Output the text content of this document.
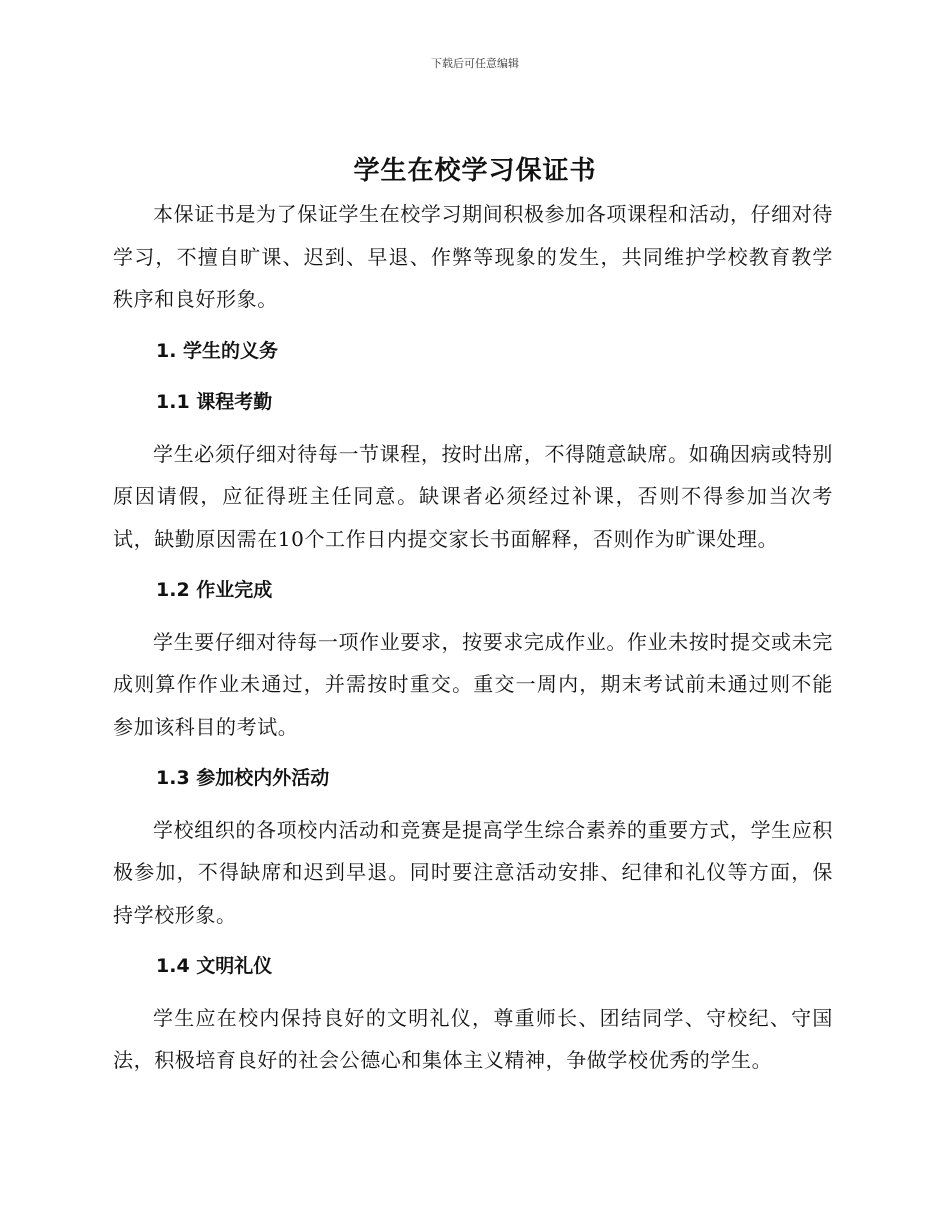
下载后可任意编辑
学生在校学习保证书

本保证书是为了保证学生在校学习期间积极参加各项课程和活动，仔细对待学习，不擅自旷课、迟到、早退、作弊等现象的发生，共同维护学校教育教学秩序和良好形象。

1. 学生的义务

1.1 课程考勤

学生必须仔细对待每一节课程，按时出席，不得随意缺席。如确因病或特别原因请假，应征得班主任同意。缺课者必须经过补课，否则不得参加当次考试，缺勤原因需在10个工作日内提交家长书面解释，否则作为旷课处理。

1.2 作业完成

学生要仔细对待每一项作业要求，按要求完成作业。作业未按时提交或未完成则算作作业未通过，并需按时重交。重交一周内，期末考试前未通过则不能参加该科目的考试。

1.3 参加校内外活动

学校组织的各项校内活动和竞赛是提高学生综合素养的重要方式，学生应积极参加，不得缺席和迟到早退。同时要注意活动安排、纪律和礼仪等方面，保持学校形象。

1.4 文明礼仪

学生应在校内保持良好的文明礼仪，尊重师长、团结同学、守校纪、守国法，积极培育良好的社会公德心和集体主义精神，争做学校优秀的学生。
